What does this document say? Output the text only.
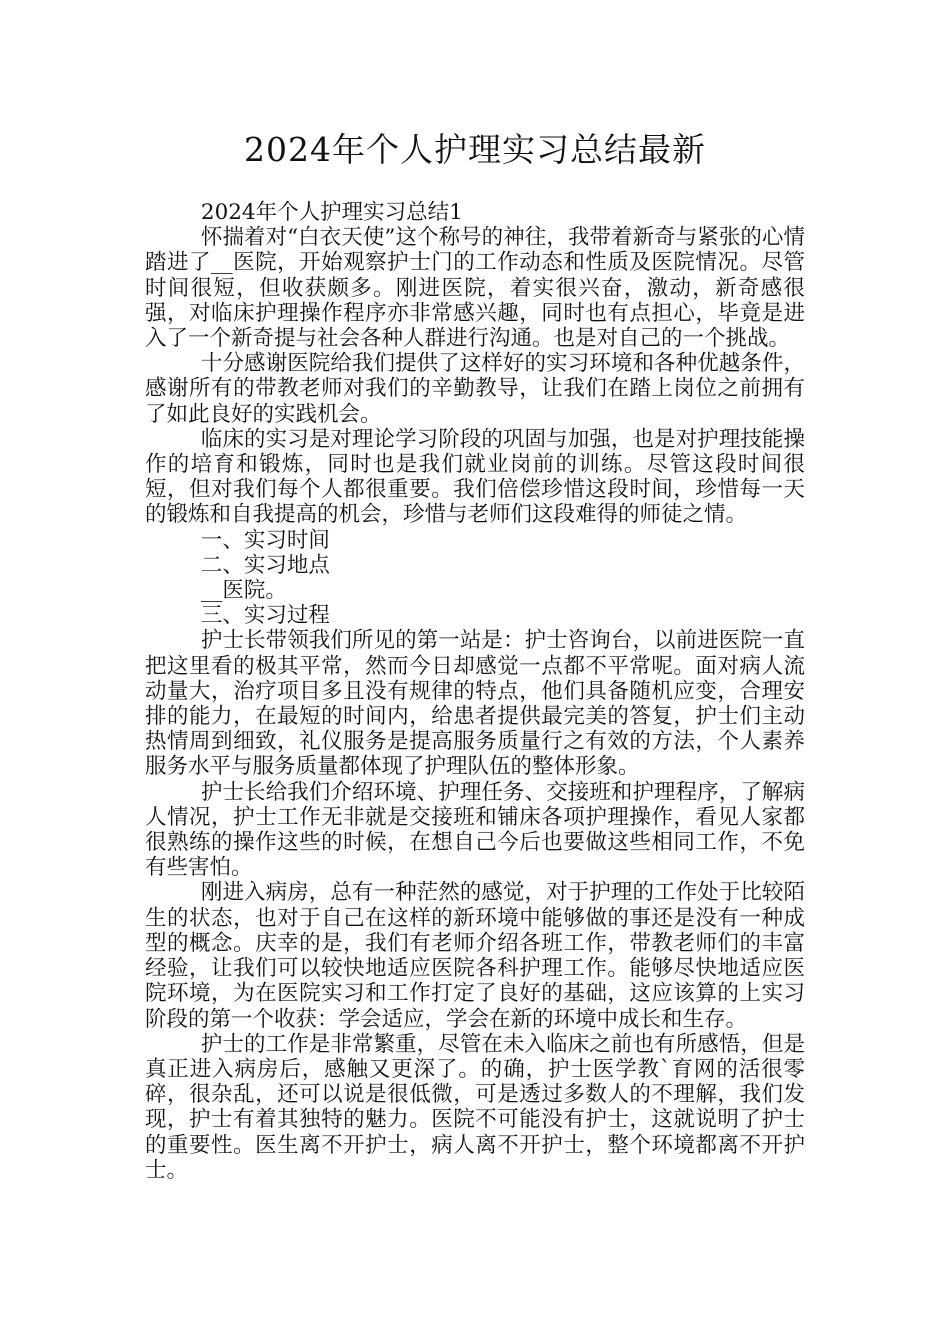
2024年个人护理实习总结最新

2024年个人护理实习总结1

怀揣着对“白衣天使”这个称号的神往，我带着新奇与紧张的心情踏进了__医院，开始观察护士门的工作动态和性质及医院情况。尽管时间很短，但收获颇多。刚进医院，着实很兴奋，激动，新奇感很强，对临床护理操作程序亦非常感兴趣，同时也有点担心，毕竟是进入了一个新奇提与社会各种人群进行沟通。也是对自己的一个挑战。

十分感谢医院给我们提供了这样好的实习环境和各种优越条件，感谢所有的带教老师对我们的辛勤教导，让我们在踏上岗位之前拥有了如此良好的实践机会。

临床的实习是对理论学习阶段的巩固与加强，也是对护理技能操作的培育和锻炼，同时也是我们就业岗前的训练。尽管这段时间很短，但对我们每个人都很重要。我们倍偿珍惜这段时间，珍惜每一天的锻炼和自我提高的机会，珍惜与老师们这段难得的师徒之情。

一、实习时间

二、实习地点

__医院。

三、实习过程

护士长带领我们所见的第一站是：护士咨询台，以前进医院一直把这里看的极其平常，然而今日却感觉一点都不平常呢。面对病人流动量大，治疗项目多且没有规律的特点，他们具备随机应变，合理安排的能力，在最短的时间内，给患者提供最完美的答复，护士们主动热情周到细致，礼仪服务是提高服务质量行之有效的方法，个人素养服务水平与服务质量都体现了护理队伍的整体形象。

护士长给我们介绍环境、护理任务、交接班和护理程序，了解病人情况，护士工作无非就是交接班和铺床各项护理操作，看见人家都很熟练的操作这些的时候，在想自己今后也要做这些相同工作，不免有些害怕。

刚进入病房，总有一种茫然的感觉，对于护理的工作处于比较陌生的状态，也对于自己在这样的新环境中能够做的事还是没有一种成型的概念。庆幸的是，我们有老师介绍各班工作，带教老师们的丰富经验，让我们可以较快地适应医院各科护理工作。能够尽快地适应医院环境，为在医院实习和工作打定了良好的基础，这应该算的上实习阶段的第一个收获：学会适应，学会在新的环境中成长和生存。

护士的工作是非常繁重，尽管在未入临床之前也有所感悟，但是真正进入病房后，感触又更深了。的确，护士医学教`育网的活很零碎，很杂乱，还可以说是很低微，可是透过多数人的不理解，我们发现，护士有着其独特的魅力。医院不可能没有护士，这就说明了护士的重要性。医生离不开护士，病人离不开护士，整个环境都离不开护士。
